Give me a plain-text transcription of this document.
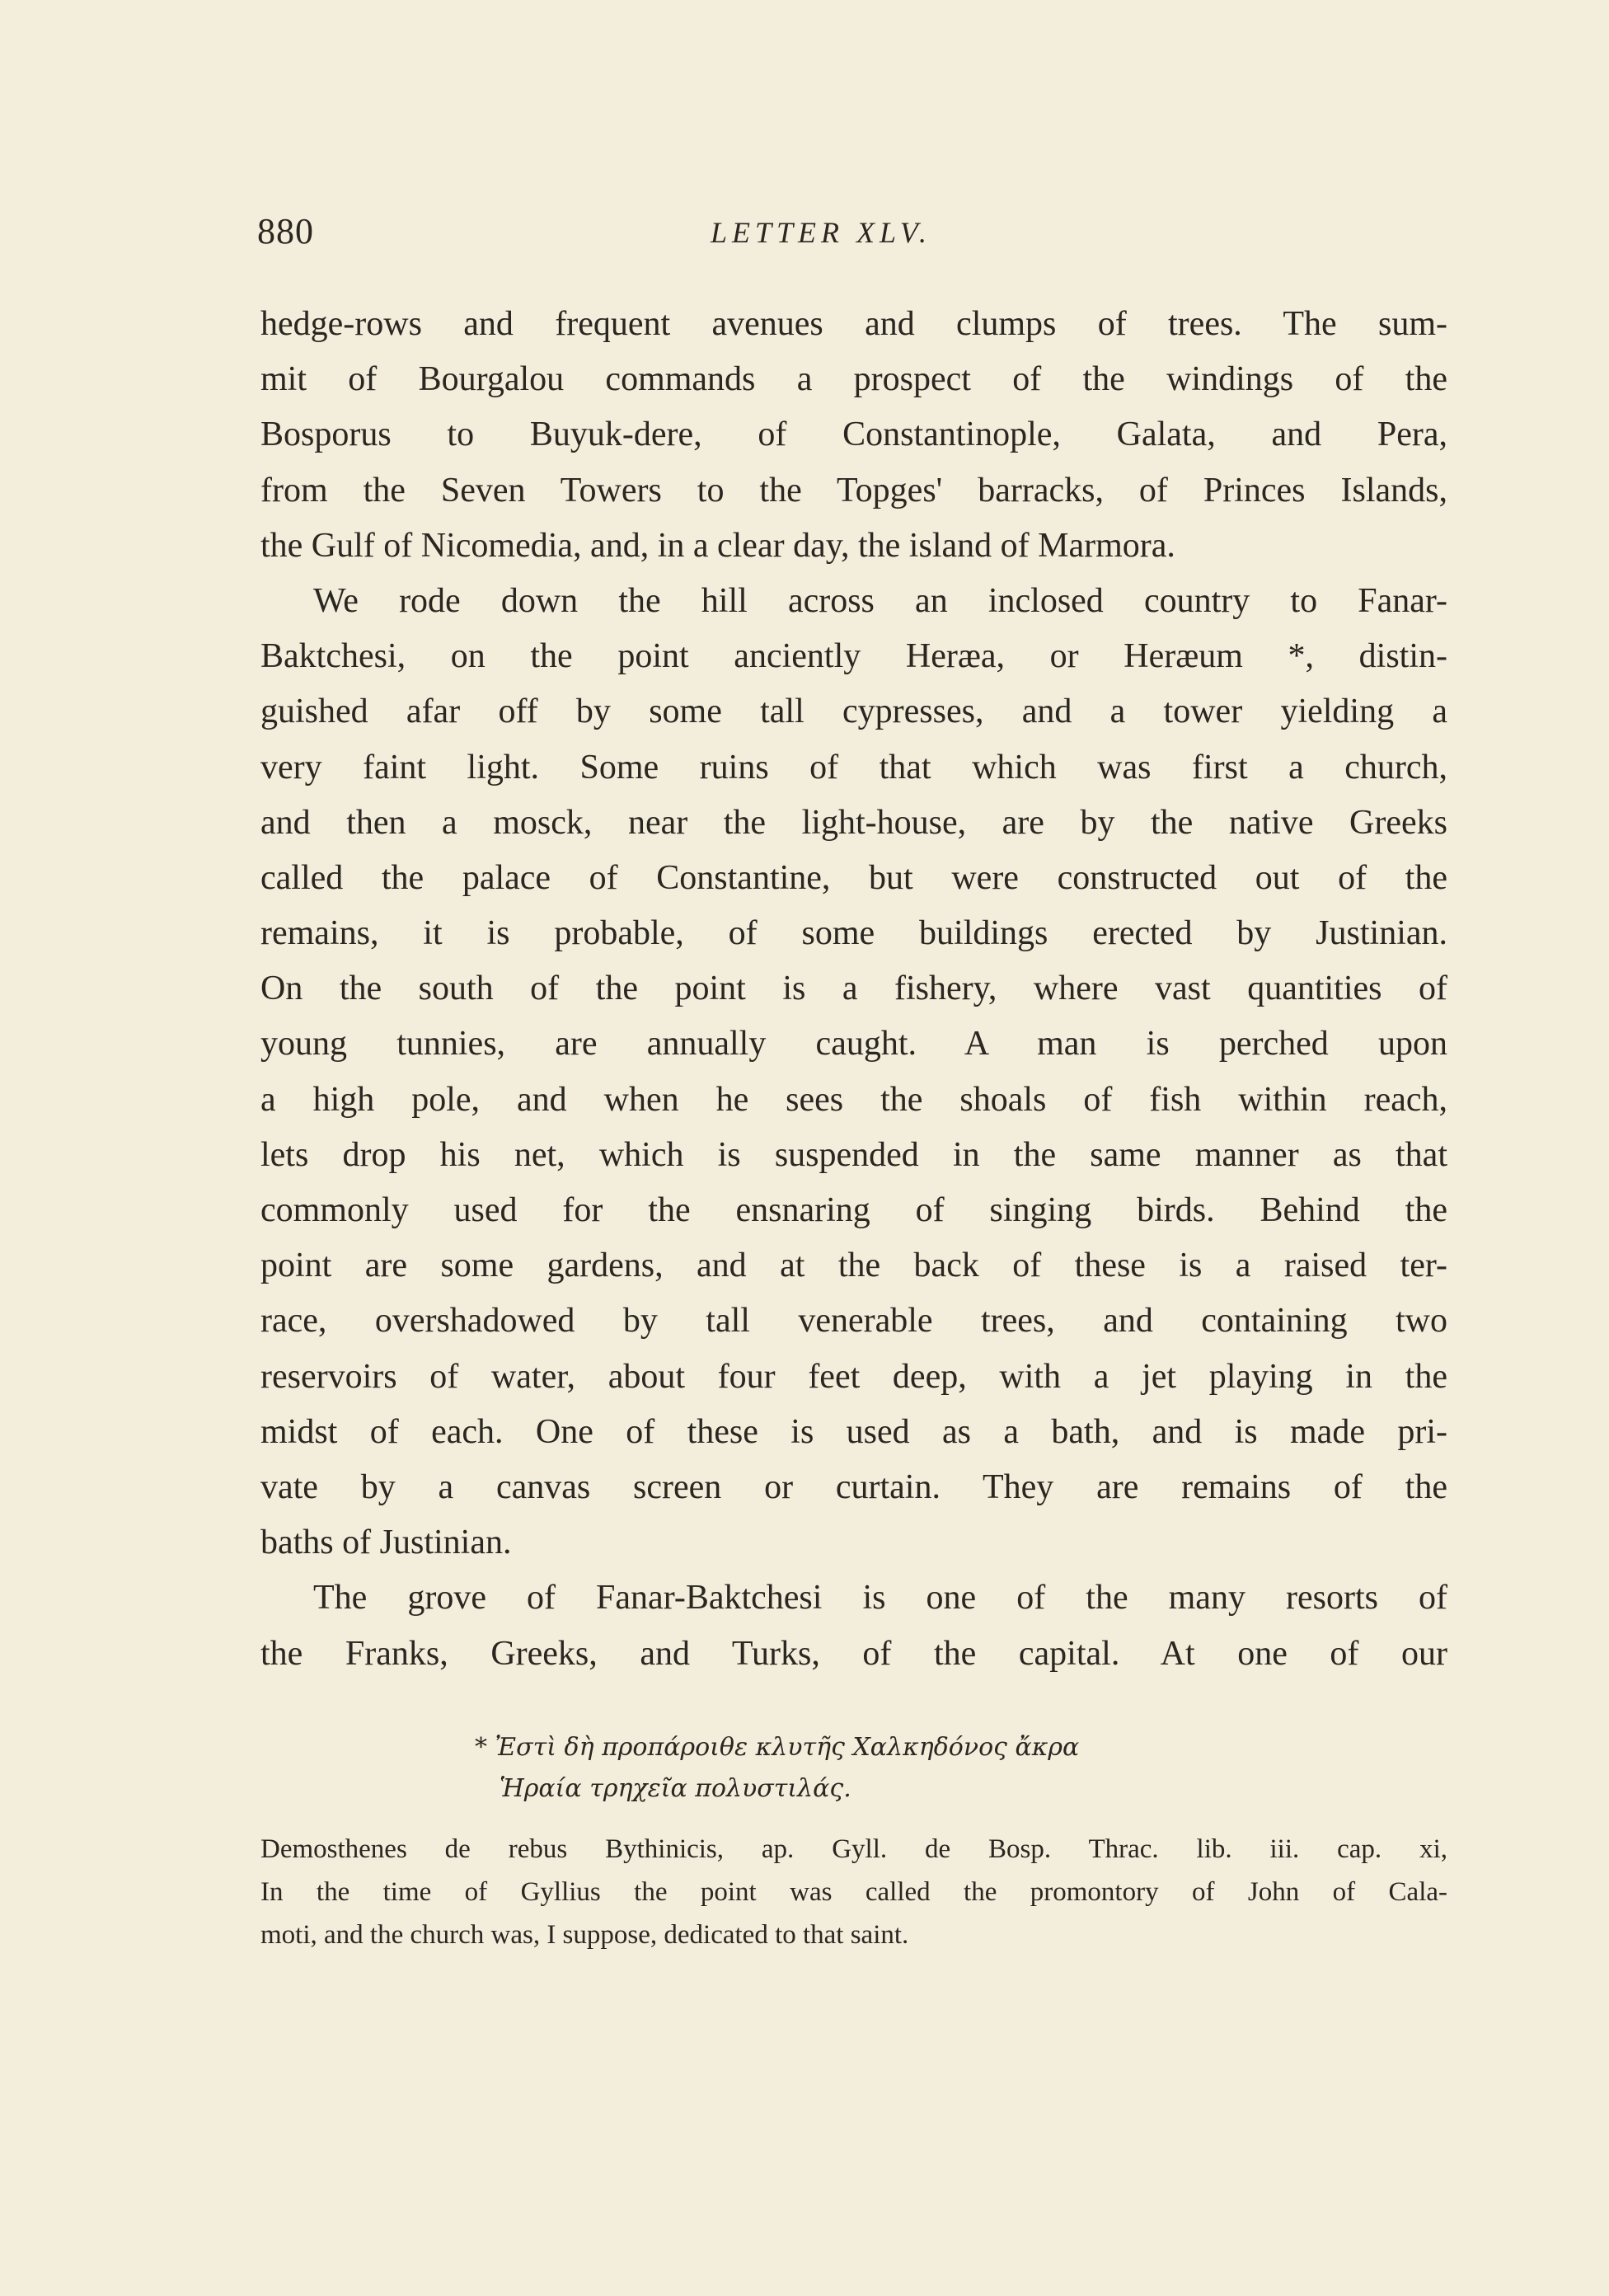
880	LETTER XLV.
hedge-rows and frequent avenues and clumps of trees. The sum-
mit of Bourgalou commands a prospect of the windings of the
Bosporus to Buyuk-dere, of Constantinople, Galata, and Pera,
from the Seven Towers to the Topges' barracks, of Princes Islands,
the Gulf of Nicomedia, and, in a clear day, the island of Marmora.
We rode down the hill across an inclosed country to Fanar-
Baktchesi, on the point anciently Heræa, or Heræum *, distin-
guished afar off by some tall cypresses, and a tower yielding a
very faint light. Some ruins of that which was first a church,
and then a mosck, near the light-house, are by the native Greeks
called the palace of Constantine, but were constructed out of the
remains, it is probable, of some buildings erected by Justinian.
On the south of the point is a fishery, where vast quantities of
young tunnies, are annually caught. A man is perched upon
a high pole, and when he sees the shoals of fish within reach,
lets drop his net, which is suspended in the same manner as that
commonly used for the ensnaring of singing birds. Behind the
point are some gardens, and at the back of these is a raised ter-
race, overshadowed by tall venerable trees, and containing two
reservoirs of water, about four feet deep, with a jet playing in the
midst of each. One of these is used as a bath, and is made pri-
vate by a canvas screen or curtain. They are remains of the
baths of Justinian.
The grove of Fanar-Baktchesi is one of the many resorts of
the Franks, Greeks, and Turks, of the capital. At one of our
* Ἐστὶ δὴ προπάροιθε κλυτῆς Χαλκηδόνος ἄκρα
Ἡραία τρηχεῖα πολυστιλάς.
Demosthenes de rebus Bythinicis, ap. Gyll. de Bosp. Thrac. lib. iii. cap. xi,
In the time of Gyllius the point was called the promontory of John of Cala-
moti, and the church was, I suppose, dedicated to that saint.
